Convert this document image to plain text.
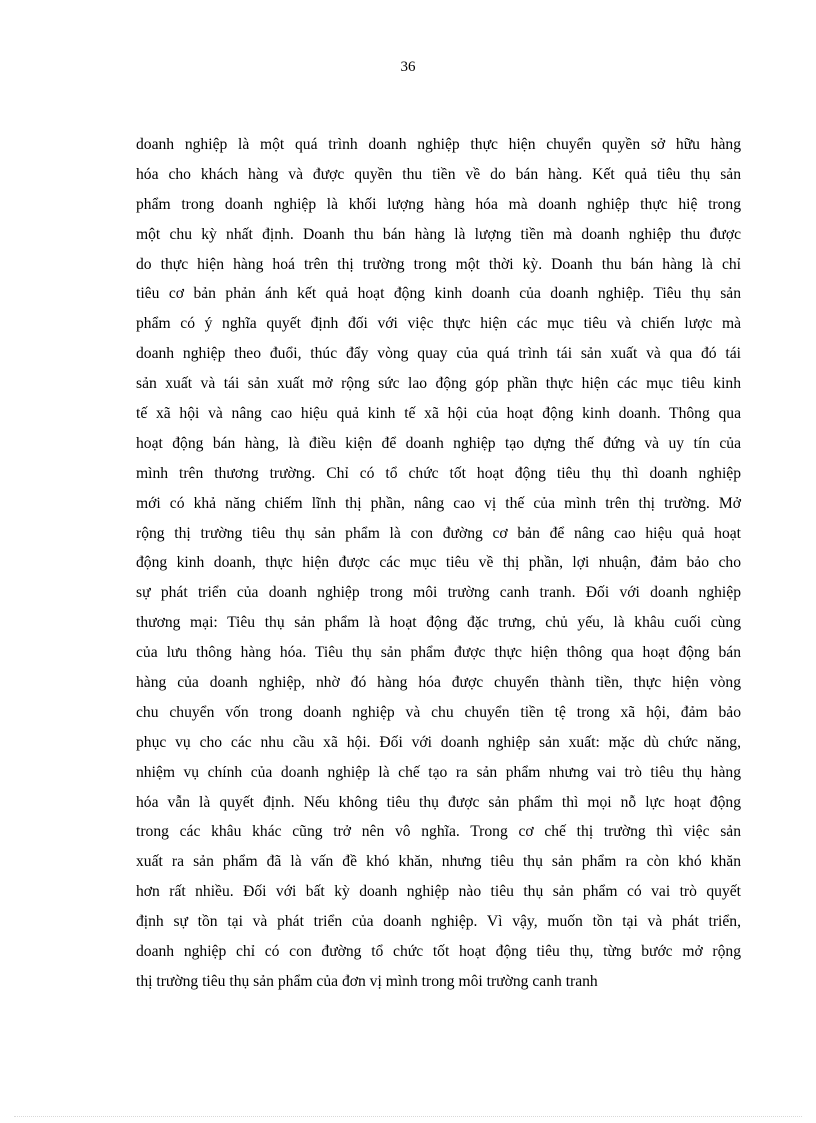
36
doanh nghiệp là một quá trình doanh nghiệp thực hiện chuyển quyền sở hữu hàng
hóa cho khách hàng và được quyền thu tiền về do bán hàng. Kết quả tiêu thụ sản
phẩm trong doanh nghiệp là khối lượng hàng hóa mà doanh nghiệp thực hiệ trong
một chu kỳ nhất định. Doanh thu bán hàng là lượng tiền mà doanh nghiệp thu được
do thực hiện hàng hoá trên thị trường trong một thời kỳ. Doanh thu bán hàng là chỉ
tiêu cơ bản phản ánh kết quả hoạt động kinh doanh của doanh nghiệp. Tiêu thụ sản
phẩm có ý nghĩa quyết định đối với việc thực hiện các mục tiêu và chiến lược mà
doanh nghiệp theo đuổi, thúc đẩy vòng quay của quá trình tái sản xuất và qua đó tái
sản xuất và tái sản xuất mở rộng sức lao động góp phần thực hiện các mục tiêu kinh
tế xã hội và nâng cao hiệu quả kinh tế xã hội của hoạt động kinh doanh. Thông qua
hoạt động bán hàng, là điều kiện để doanh nghiệp tạo dựng thế đứng và uy tín của
mình trên thương trường. Chỉ có tổ chức tốt hoạt động tiêu thụ thì doanh nghiệp
mới có khả năng chiếm lĩnh thị phần, nâng cao vị thế của mình trên thị trường. Mở
rộng thị trường tiêu thụ sản phẩm là con đường cơ bản để nâng cao hiệu quả hoạt
động kinh doanh, thực hiện được các mục tiêu về thị phần, lợi nhuận, đảm bảo cho
sự phát triển của doanh nghiệp trong môi trường canh tranh. Đối với doanh nghiệp
thương mại: Tiêu thụ sản phẩm là hoạt động đặc trưng, chủ yếu, là khâu cuối cùng
của lưu thông hàng hóa. Tiêu thụ sản phẩm được thực hiện thông qua hoạt động bán
hàng của doanh nghiệp, nhờ đó hàng hóa được chuyển thành tiền, thực hiện vòng
chu chuyển vốn trong doanh nghiệp và chu chuyển tiền tệ trong xã hội, đảm bảo
phục vụ cho các nhu cầu xã hội. Đối với doanh nghiệp sản xuất: mặc dù chức năng,
nhiệm vụ chính của doanh nghiệp là chế tạo ra sản phẩm nhưng vai trò tiêu thụ hàng
hóa vẫn là quyết định. Nếu không tiêu thụ được sản phẩm thì mọi nỗ lực hoạt động
trong các khâu khác cũng trở nên vô nghĩa. Trong cơ chế thị trường thì việc sản
xuất ra sản phẩm đã là vấn đề khó khăn, nhưng tiêu thụ sản phẩm ra còn khó khăn
hơn rất nhiều. Đối với bất kỳ doanh nghiệp nào tiêu thụ sản phẩm có vai trò quyết
định sự tồn tại và phát triển của doanh nghiệp. Vì vậy, muốn tồn tại và phát triển,
doanh nghiệp chỉ có con đường tổ chức tốt hoạt động tiêu thụ, từng bước mở rộng
thị trường tiêu thụ sản phẩm của đơn vị mình trong môi trường canh tranh
